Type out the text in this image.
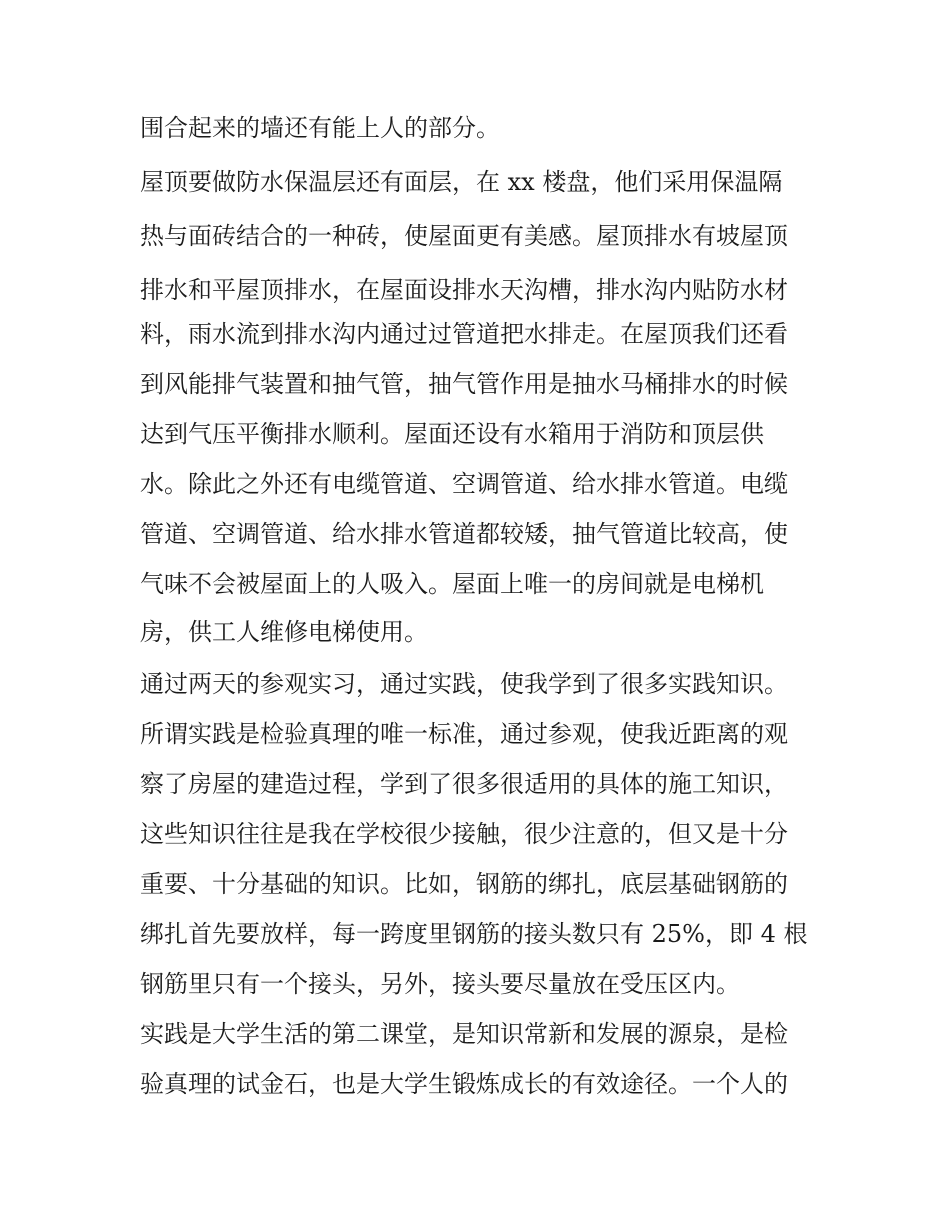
围合起来的墙还有能上人的部分。
屋顶要做防水保温层还有面层，在 xx 楼盘，他们采用保温隔
热与面砖结合的一种砖，使屋面更有美感。屋顶排水有坡屋顶
排水和平屋顶排水，在屋面设排水天沟槽，排水沟内贴防水材
料，雨水流到排水沟内通过过管道把水排走。在屋顶我们还看
到风能排气装置和抽气管，抽气管作用是抽水马桶排水的时候
达到气压平衡排水顺利。屋面还设有水箱用于消防和顶层供
水。除此之外还有电缆管道、空调管道、给水排水管道。电缆
管道、空调管道、给水排水管道都较矮，抽气管道比较高，使
气味不会被屋面上的人吸入。屋面上唯一的房间就是电梯机
房，供工人维修电梯使用。
通过两天的参观实习，通过实践，使我学到了很多实践知识。
所谓实践是检验真理的唯一标准，通过参观，使我近距离的观
察了房屋的建造过程，学到了很多很适用的具体的施工知识，
这些知识往往是我在学校很少接触，很少注意的，但又是十分
重要、十分基础的知识。比如，钢筋的绑扎，底层基础钢筋的
绑扎首先要放样，每一跨度里钢筋的接头数只有 25%，即 4 根
钢筋里只有一个接头，另外，接头要尽量放在受压区内。
实践是大学生活的第二课堂，是知识常新和发展的源泉，是检
验真理的试金石，也是大学生锻炼成长的有效途径。一个人的
